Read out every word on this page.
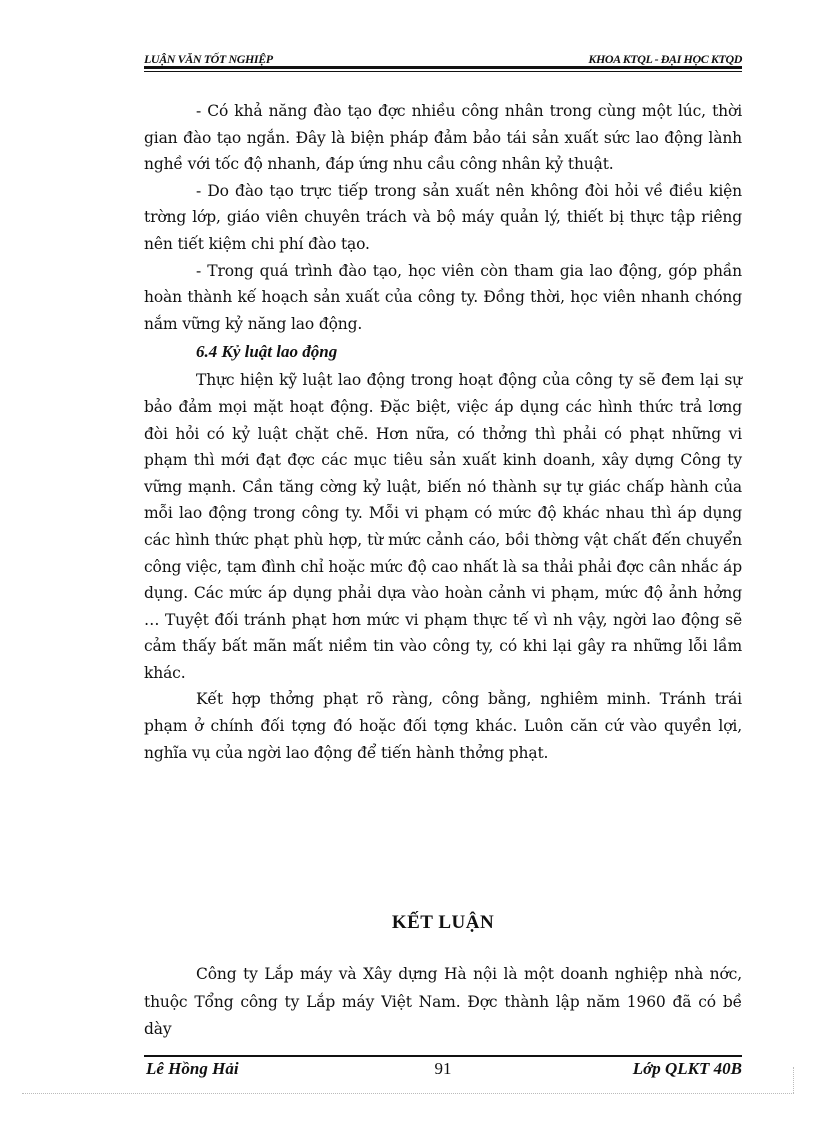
LUẬN VĂN TỐT NGHIỆP	KHOA KTQL - ĐẠI HỌC KTQD

- Có khả năng đào tạo đợc nhiều công nhân trong cùng một lúc, thời gian đào tạo ngắn. Đây là biện pháp đảm bảo tái sản xuất sức lao động lành nghề với tốc độ nhanh, đáp ứng nhu cầu công nhân kỷ thuật.

- Do đào tạo trực tiếp trong sản xuất nên không đòi hỏi về điều kiện trờng lớp, giáo viên chuyên trách và bộ máy quản lý, thiết bị thực tập riêng nên tiết kiệm chi phí đào tạo.

- Trong quá trình đào tạo, học viên còn tham gia lao động, góp phần hoàn thành kế hoạch sản xuất của công ty. Đồng thời, học viên nhanh chóng nắm vững kỷ năng lao động.

6.4 Kỷ luật lao động

Thực hiện kỹ luật lao động trong hoạt động của công ty sẽ đem lại sự bảo đảm mọi mặt hoạt động. Đặc biệt, việc áp dụng các hình thức trả lơng đòi hỏi có kỷ luật chặt chẽ. Hơn nữa, có thởng thì phải có phạt những vi phạm thì mới đạt đợc các mục tiêu sản xuất kinh doanh, xây dựng Công ty vững mạnh. Cần tăng cờng kỷ luật, biến nó thành sự tự giác chấp hành của mỗi lao động trong công ty. Mỗi vi phạm có mức độ khác nhau thì áp dụng các hình thức phạt phù hợp, từ mức cảnh cáo, bồi thờng vật chất đến chuyển công việc, tạm đình chỉ hoặc mức độ cao nhất là sa thải phải đợc cân nhắc áp dụng. Các mức áp dụng phải dựa vào hoàn cảnh vi phạm, mức độ ảnh hởng … Tuyệt đối tránh phạt hơn mức vi phạm thực tế vì nh vậy, ngời lao động sẽ cảm thấy bất mãn mất niềm tin vào công ty, có khi lại gây ra những lỗi lầm khác.

Kết hợp thởng phạt rõ ràng, công bằng, nghiêm minh. Tránh trái phạm ở chính đối tợng đó hoặc đối tợng khác. Luôn căn cứ vào quyền lợi, nghĩa vụ của ngời lao động để tiến hành thởng phạt.

KẾT LUẬN

Công ty Lắp máy và Xây dựng Hà nội là một doanh nghiệp nhà nớc, thuộc Tổng công ty Lắp máy Việt Nam. Đợc thành lập năm 1960 đã có bề dày

Lê Hồng Hải	91	Lớp QLKT 40B
